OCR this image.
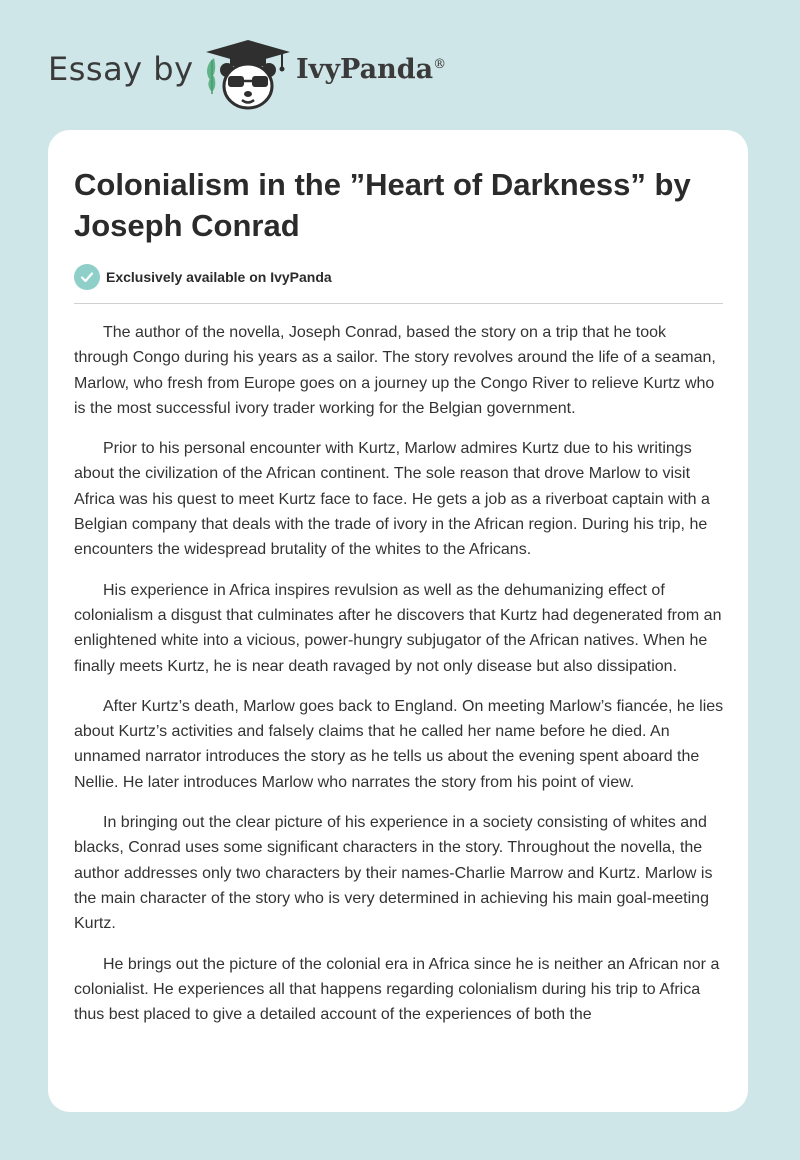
Essay by	IvyPanda®
Colonialism in the ”Heart of Darkness” by Joseph Conrad
Exclusively available on IvyPanda

The author of the novella, Joseph Conrad, based the story on a trip that he took through Congo during his years as a sailor. The story revolves around the life of a seaman, Marlow, who fresh from Europe goes on a journey up the Congo River to relieve Kurtz who is the most successful ivory trader working for the Belgian government.

Prior to his personal encounter with Kurtz, Marlow admires Kurtz due to his writings about the civilization of the African continent. The sole reason that drove Marlow to visit Africa was his quest to meet Kurtz face to face. He gets a job as a riverboat captain with a Belgian company that deals with the trade of ivory in the African region. During his trip, he encounters the widespread brutality of the whites to the Africans.

His experience in Africa inspires revulsion as well as the dehumanizing effect of colonialism a disgust that culminates after he discovers that Kurtz had degenerated from an enlightened white into a vicious, power-hungry subjugator of the African natives. When he finally meets Kurtz, he is near death ravaged by not only disease but also dissipation.

After Kurtz’s death, Marlow goes back to England. On meeting Marlow’s fiancée, he lies about Kurtz’s activities and falsely claims that he called her name before he died. An unnamed narrator introduces the story as he tells us about the evening spent aboard the Nellie. He later introduces Marlow who narrates the story from his point of view.

In bringing out the clear picture of his experience in a society consisting of whites and blacks, Conrad uses some significant characters in the story. Throughout the novella, the author addresses only two characters by their names-Charlie Marrow and Kurtz. Marlow is the main character of the story who is very determined in achieving his main goal-meeting Kurtz.

He brings out the picture of the colonial era in Africa since he is neither an African nor a colonialist. He experiences all that happens regarding colonialism during his trip to Africa thus best placed to give a detailed account of the experiences of both the
